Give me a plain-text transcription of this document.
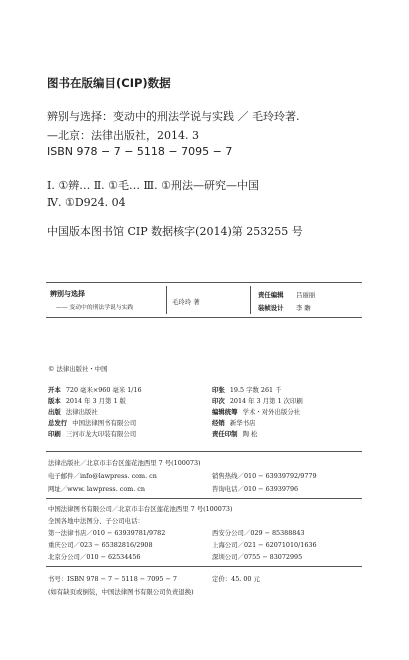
图书在版编目(CIP)数据
辨别与选择：变动中的刑法学说与实践 ／ 毛玲玲著.
—北京：法律出版社，2014. 3
ISBN 978 − 7 − 5118 − 7095 − 7
Ⅰ. ①辨… Ⅱ. ①毛… Ⅲ. ①刑法—研究—中国
Ⅳ. ①D924. 04
中国版本图书馆 CIP 数据核字(2014)第 253255 号
辨别与选择
—— 变动中的刑法学说与实践
毛玲玲 著
责任编辑 吕丽丽
装帧设计 李 瞻
© 法律出版社・中国
开本 720 毫米×960 毫米 1/16
版本 2014 年 3 月第 1 版
出版 法律出版社
总发行 中国法律图书有限公司
印刷 三河市龙大印装有限公司
印张 19.5 字数 261 千
印次 2014 年 3 月第 1 次印刷
编辑统筹 学术・对外出版分社
经销 新华书店
责任印制 陶 松
法律出版社／北京市丰台区莲花池西里 7 号(100073)
电子邮件／info@lawpress. com. cn
网址／www. lawpress. com. cn
销售热线／010 − 63939792/9779
咨询电话／010 − 63939796
中国法律图书有限公司／北京市丰台区莲花池西里 7 号(100073)
全国各地中法图分、子公司电话：
第一法律书店／010 − 63939781/9782
重庆公司／023 − 65382816/2908
北京分公司／010 − 62534456
西安分公司／029 − 85388843
上海公司／021 − 62071010/1636
深圳公司／0755 − 83072995
书号：ISBN 978 − 7 − 5118 − 7095 − 7	定价：45. 00 元
(如有缺页或倒装，中国法律图书有限公司负责退换)
